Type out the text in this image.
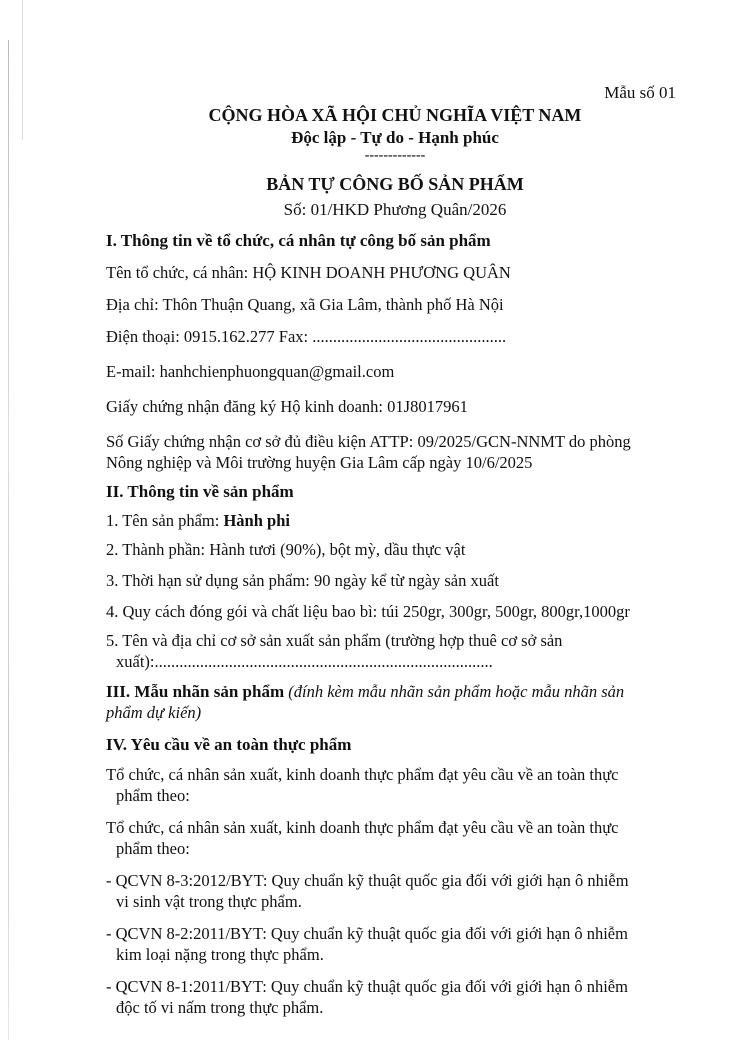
Mẫu số 01
CỘNG HÒA XÃ HỘI CHỦ NGHĨA VIỆT NAM
Độc lập - Tự do - Hạnh phúc
-------------
BẢN TỰ CÔNG BỐ SẢN PHẨM
Số: 01/HKD Phương Quân/2026

I. Thông tin về tổ chức, cá nhân tự công bố sản phẩm

Tên tổ chức, cá nhân: HỘ KINH DOANH PHƯƠNG QUÂN

Địa chỉ: Thôn Thuận Quang, xã Gia Lâm, thành phố Hà Nội

Điện thoại: 0915.162.277 Fax: ...............................................

E-mail: hanhchienphuongquan@gmail.com

Giấy chứng nhận đăng ký Hộ kinh doanh: 01J8017961

Số Giấy chứng nhận cơ sở đủ điều kiện ATTP: 09/2025/GCN-NNMT do phòng

Nông nghiệp và Môi trường huyện Gia Lâm cấp ngày 10/6/2025

II. Thông tin về sản phẩm

1. Tên sản phẩm: Hành phi

2. Thành phần: Hành tươi (90%), bột mỳ, dầu thực vật

3. Thời hạn sử dụng sản phẩm: 90 ngày kể từ ngày sản xuất

4. Quy cách đóng gói và chất liệu bao bì: túi 250gr, 300gr, 500gr, 800gr,1000gr

5. Tên và địa chỉ cơ sở sản xuất sản phẩm (trường hợp thuê cơ sở sản

xuất):..................................................................................

III. Mẫu nhãn sản phẩm (đính kèm mẫu nhãn sản phẩm hoặc mẫu nhãn sản

phẩm dự kiến)

IV. Yêu cầu về an toàn thực phẩm

Tổ chức, cá nhân sản xuất, kinh doanh thực phẩm đạt yêu cầu về an toàn thực

phẩm theo:

Tổ chức, cá nhân sản xuất, kinh doanh thực phẩm đạt yêu cầu về an toàn thực

phẩm theo:

- QCVN 8-3:2012/BYT: Quy chuẩn kỹ thuật quốc gia đối với giới hạn ô nhiễm

vi sinh vật trong thực phẩm.

- QCVN 8-2:2011/BYT: Quy chuẩn kỹ thuật quốc gia đối với giới hạn ô nhiễm

kim loại nặng trong thực phẩm.

- QCVN 8-1:2011/BYT: Quy chuẩn kỹ thuật quốc gia đối với giới hạn ô nhiễm

độc tố vi nấm trong thực phẩm.
